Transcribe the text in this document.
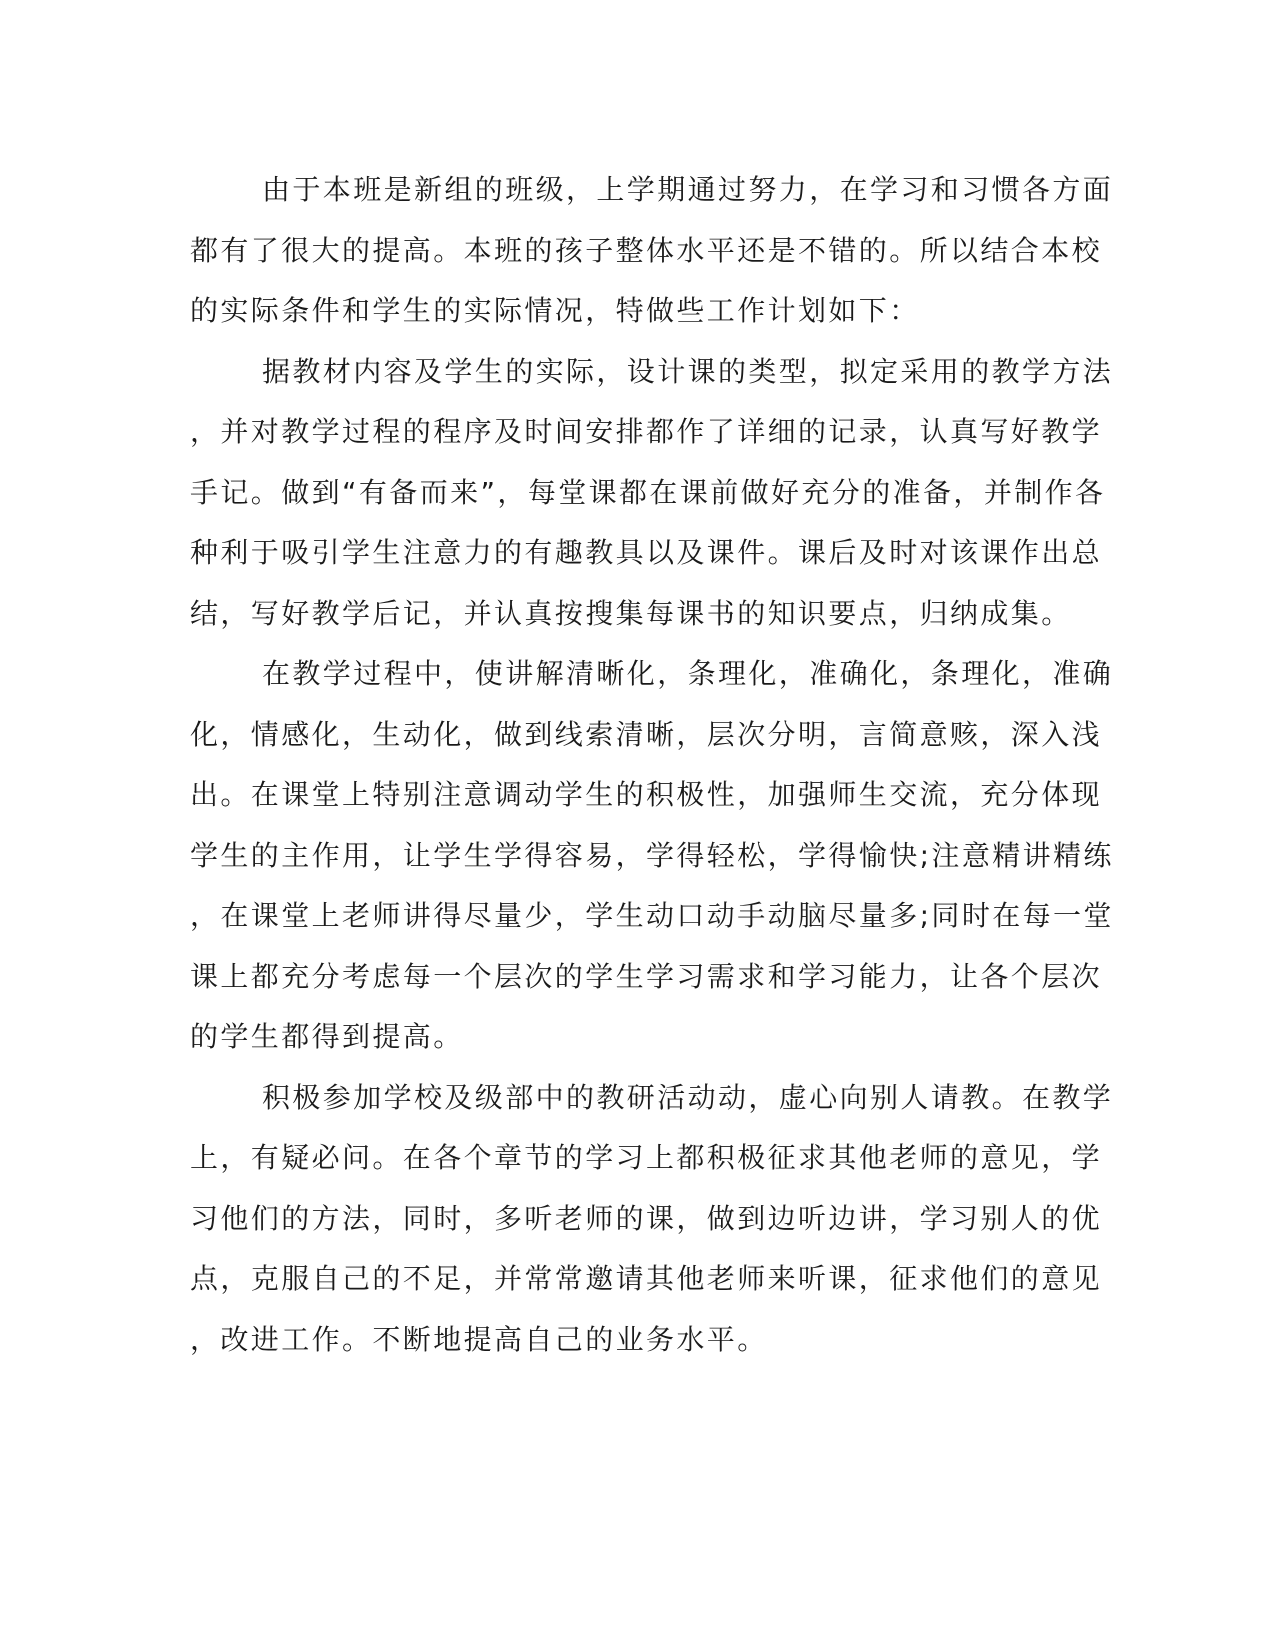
由于本班是新组的班级，上学期通过努力，在学习和习惯各方面
都有了很大的提高。本班的孩子整体水平还是不错的。所以结合本校
的实际条件和学生的实际情况，特做些工作计划如下：
据教材内容及学生的实际，设计课的类型，拟定采用的教学方法
，并对教学过程的程序及时间安排都作了详细的记录，认真写好教学
手记。做到“有备而来”，每堂课都在课前做好充分的准备，并制作各
种利于吸引学生注意力的有趣教具以及课件。课后及时对该课作出总
结，写好教学后记，并认真按搜集每课书的知识要点，归纳成集。
在教学过程中，使讲解清晰化，条理化，准确化，条理化，准确
化，情感化，生动化，做到线索清晰，层次分明，言简意赅，深入浅
出。在课堂上特别注意调动学生的积极性，加强师生交流，充分体现
学生的主作用，让学生学得容易，学得轻松，学得愉快;注意精讲精练
，在课堂上老师讲得尽量少，学生动口动手动脑尽量多;同时在每一堂
课上都充分考虑每一个层次的学生学习需求和学习能力，让各个层次
的学生都得到提高。
积极参加学校及级部中的教研活动动，虚心向别人请教。在教学
上，有疑必问。在各个章节的学习上都积极征求其他老师的意见，学
习他们的方法，同时，多听老师的课，做到边听边讲，学习别人的优
点，克服自己的不足，并常常邀请其他老师来听课，征求他们的意见
，改进工作。不断地提高自己的业务水平。
